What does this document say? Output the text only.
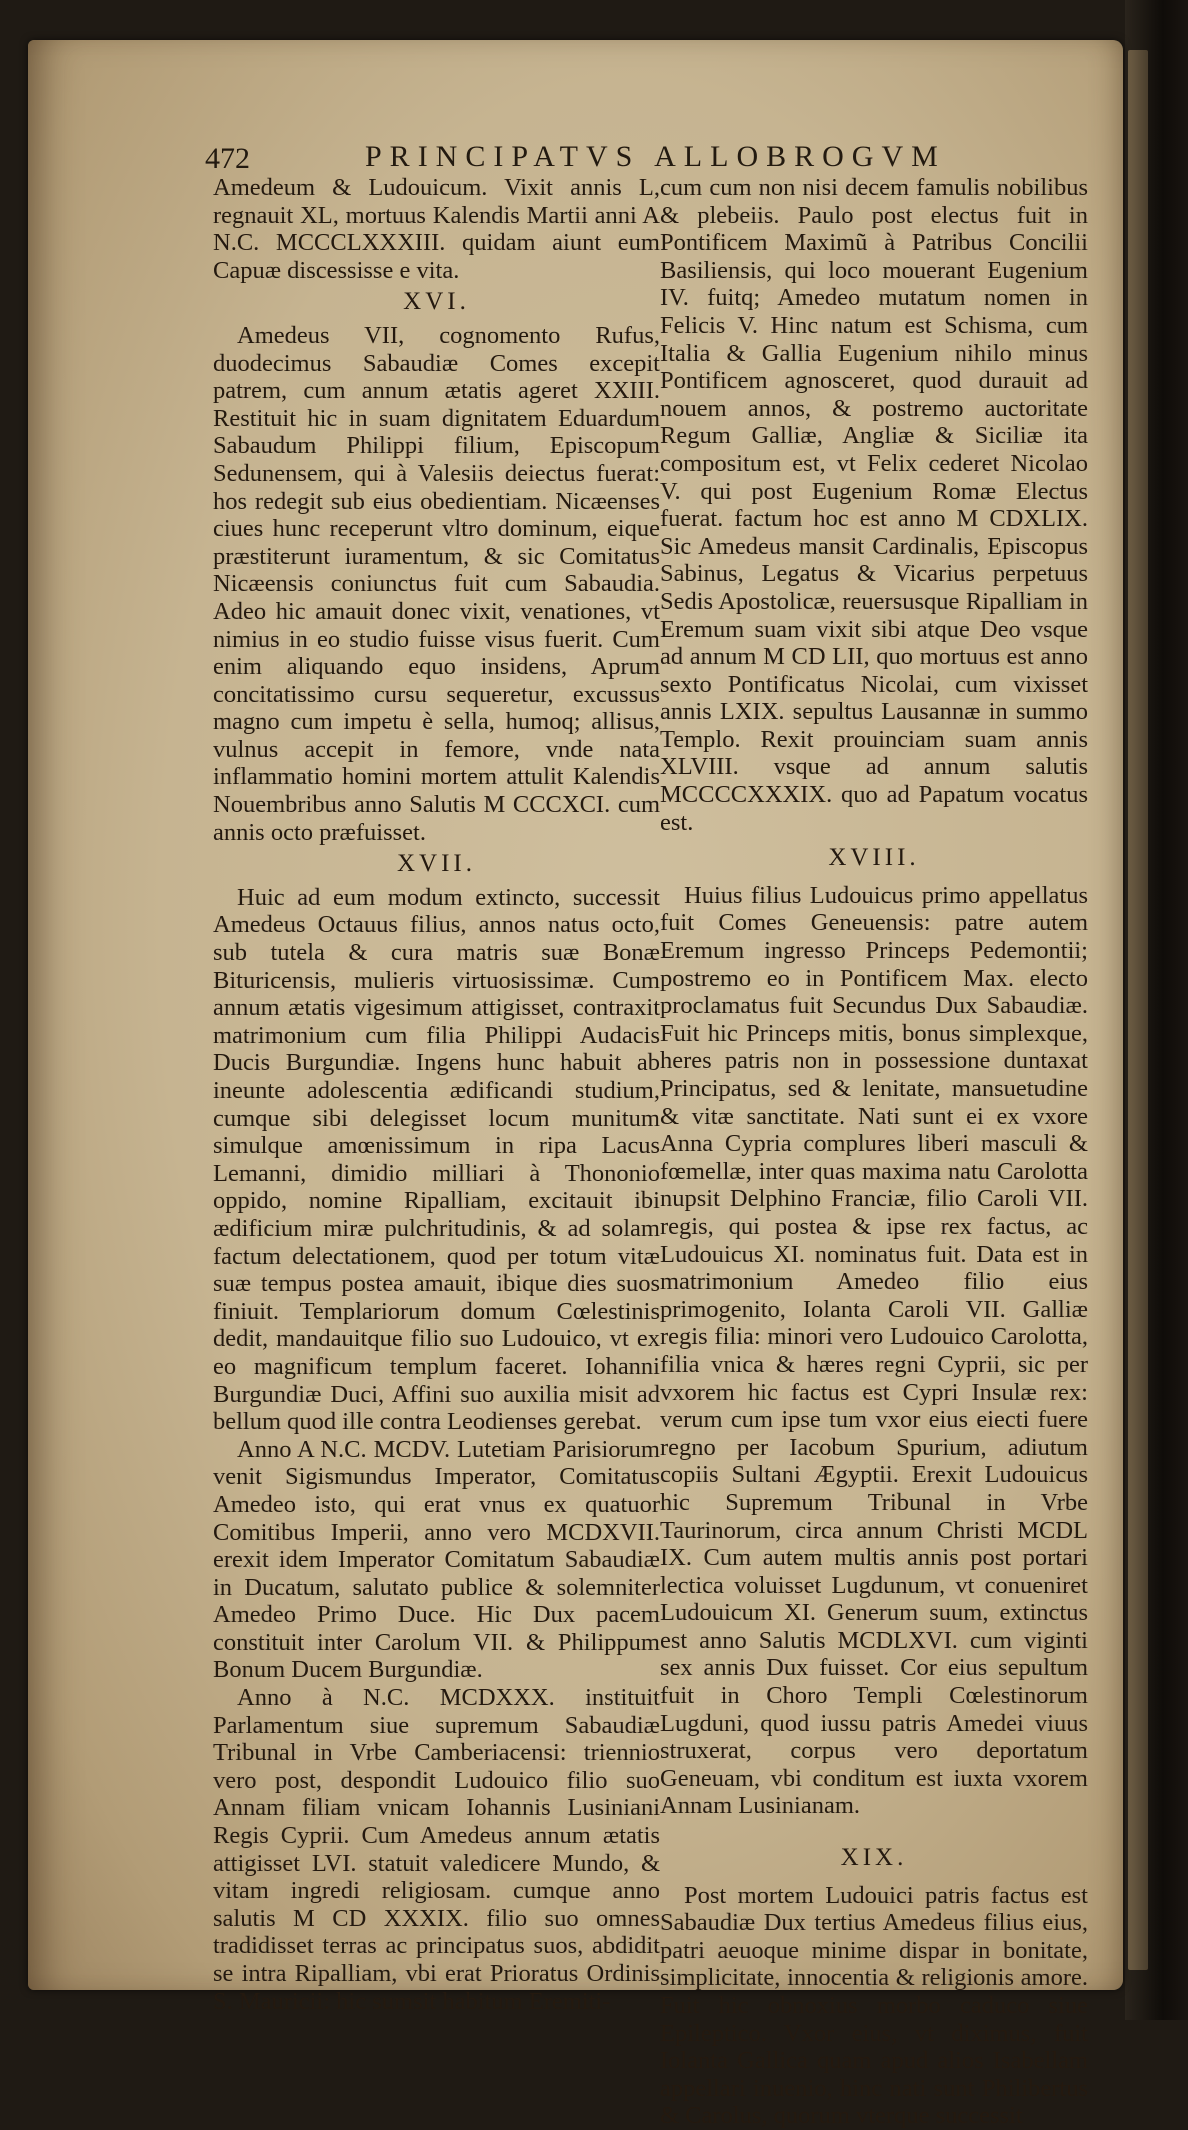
472	PRINCIPATVS ALLOBROGVM

Amedeum & Ludouicum. Vixit annis L, regnauit XL, mortuus Kalendis Martii anni A N.C. MCCCLXXXIII. quidam aiunt eum Capuæ discessisse e vita.

XVI.

Amedeus VII, cognomento Rufus, duodecimus Sabaudiæ Comes excepit patrem, cum annum ætatis ageret XXIII. Restituit hic in suam dignitatem Eduardum Sabaudum Philippi filium, Episcopum Sedunensem, qui à Valesiis deiectus fuerat: hos redegit sub eius obedientiam. Nicæenses ciues hunc receperunt vltro dominum, eique præstiterunt iuramentum, & sic Comitatus Nicæensis coniunctus fuit cum Sabaudia. Adeo hic amauit donec vixit, venationes, vt nimius in eo studio fuisse visus fuerit. Cum enim aliquando equo insidens, Aprum concitatissimo cursu sequeretur, excussus magno cum impetu è sella, humoq; allisus, vulnus accepit in femore, vnde nata inflammatio homini mortem attulit Kalendis Nouembribus anno Salutis M CCCXCI. cum annis octo præfuisset.

XVII.

Huic ad eum modum extincto, successit Amedeus Octauus filius, annos natus octo, sub tutela & cura matris suæ Bonæ Bituricensis, mulieris virtuosissimæ. Cum annum ætatis vigesimum attigisset, contraxit matrimonium cum filia Philippi Audacis Ducis Burgundiæ. Ingens hunc habuit ab ineunte adolescentia ædificandi studium, cumque sibi delegisset locum munitum simulque amœnissimum in ripa Lacus Lemanni, dimidio milliari à Thononio oppido, nomine Ripalliam, excitauit ibi ædificium miræ pulchritudinis, & ad solam factum delectationem, quod per totum vitæ suæ tempus postea amauit, ibique dies suos finiuit. Templariorum domum Cœlestinis dedit, mandauitque filio suo Ludouico, vt ex eo magnificum templum faceret. Iohanni Burgundiæ Duci, Affini suo auxilia misit ad bellum quod ille contra Leodienses gerebat.

Anno A N.C. MCDV. Lutetiam Parisiorum venit Sigismundus Imperator, Comitatus Amedeo isto, qui erat vnus ex quatuor Comitibus Imperii, anno vero MCDXVII. erexit idem Imperator Comitatum Sabaudiæ in Ducatum, salutato publice & solemniter Amedeo Primo Duce. Hic Dux pacem constituit inter Carolum VII. & Philippum Bonum Ducem Burgundiæ.

Anno à N.C. MCDXXX. instituit Parlamentum siue supremum Sabaudiæ Tribunal in Vrbe Camberiacensi: triennio vero post, despondit Ludouico filio suo Annam filiam vnicam Iohannis Lusiniani Regis Cyprii. Cum Amedeus annum ætatis attigisset LVI. statuit valedicere Mundo, & vitam ingredi religiosam. cumque anno salutis M CD XXXIX. filio suo omnes tradidisset terras ac principatus suos, abdidit se intra Ripalliam, vbi erat Prioratus Ordinis S. Mauricii: hic sumsit habitum Eremiti-

cum cum non nisi decem famulis nobilibus & plebeiis. Paulo post electus fuit in Pontificem Maximũ à Patribus Concilii Basiliensis, qui loco mouerant Eugenium IV. fuitq; Amedeo mutatum nomen in Felicis V. Hinc natum est Schisma, cum Italia & Gallia Eugenium nihilo minus Pontificem agnosceret, quod durauit ad nouem annos, & postremo auctoritate Regum Galliæ, Angliæ & Siciliæ ita compositum est, vt Felix cederet Nicolao V. qui post Eugenium Romæ Electus fuerat. factum hoc est anno M CDXLIX. Sic Amedeus mansit Cardinalis, Episcopus Sabinus, Legatus & Vicarius perpetuus Sedis Apostolicæ, reuersusque Ripalliam in Eremum suam vixit sibi atque Deo vsque ad annum M CD LII, quo mortuus est anno sexto Pontificatus Nicolai, cum vixisset annis LXIX. sepultus Lausannæ in summo Templo. Rexit prouinciam suam annis XLVIII. vsque ad annum salutis MCCCCXXXIX. quo ad Papatum vocatus est.

XVIII.

Huius filius Ludouicus primo appellatus fuit Comes Geneuensis: patre autem Eremum ingresso Princeps Pedemontii; postremo eo in Pontificem Max. electo proclamatus fuit Secundus Dux Sabaudiæ. Fuit hic Princeps mitis, bonus simplexque, heres patris non in possessione duntaxat Principatus, sed & lenitate, mansuetudine & vitæ sanctitate. Nati sunt ei ex vxore Anna Cypria complures liberi masculi & fœmellæ, inter quas maxima natu Carolotta nupsit Delphino Franciæ, filio Caroli VII. regis, qui postea & ipse rex factus, ac Ludouicus XI. nominatus fuit. Data est in matrimonium Amedeo filio eius primogenito, Iolanta Caroli VII. Galliæ regis filia: minori vero Ludouico Carolotta, filia vnica & hæres regni Cyprii, sic per vxorem hic factus est Cypri Insulæ rex: verum cum ipse tum vxor eius eiecti fuere regno per Iacobum Spurium, adiutum copiis Sultani Ægyptii. Erexit Ludouicus hic Supremum Tribunal in Vrbe Taurinorum, circa annum Christi MCDL IX. Cum autem multis annis post portari lectica voluisset Lugdunum, vt conueniret Ludouicum XI. Generum suum, extinctus est anno Salutis MCDLXVI. cum viginti sex annis Dux fuisset. Cor eius sepultum fuit in Choro Templi Cœlestinorum Lugduni, quod iussu patris Amedei viuus struxerat, corpus vero deportatum Geneuam, vbi conditum est iuxta vxorem Annam Lusinianam.

XIX.

Post mortem Ludouici patris factus est Sabaudiæ Dux tertius Amedeus filius eius, patri aeuoque minime dispar in bonitate, simplicitate, innocentia & religionis amore. Fuit hic obnoxius morbo caduco siue Epileptico. Vxor eius, vt diximus, fuit Iolanta Gallica quam apud alios Isabellam appellari inuenio, hinc nati sunt Philibertus & Carolus, quorum vterque successit
